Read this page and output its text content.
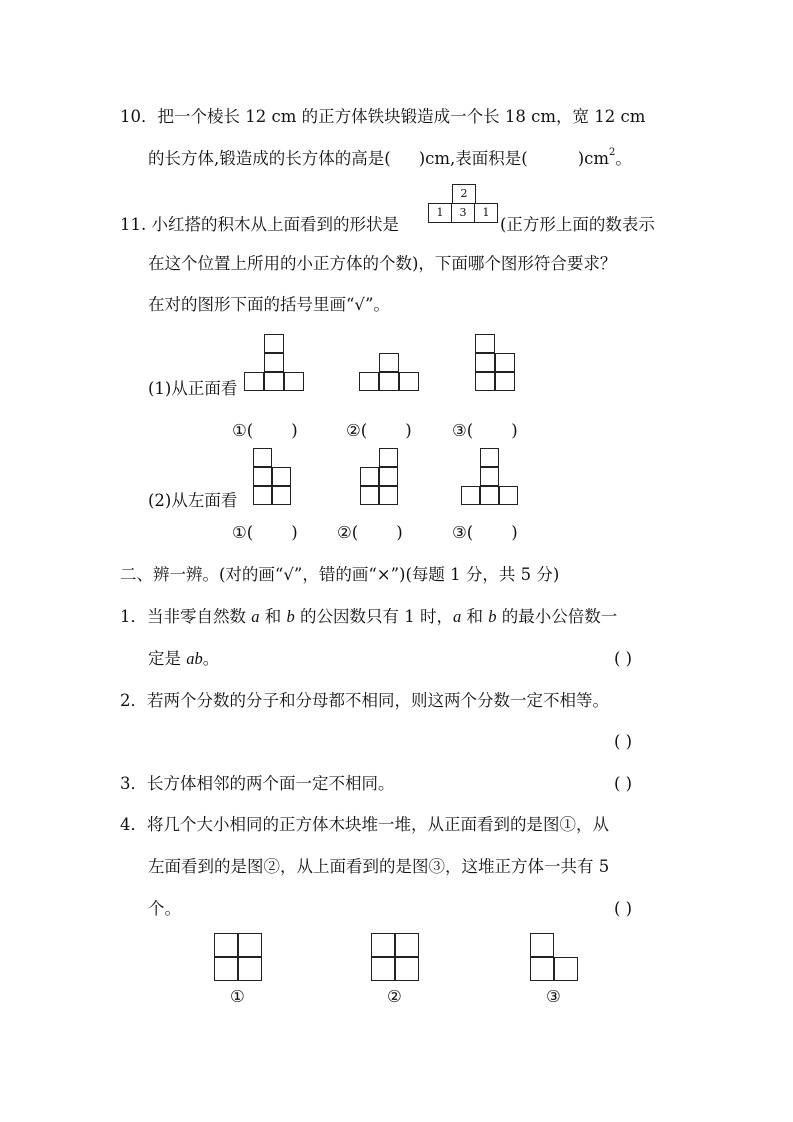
10．把一个棱长 12 cm 的正方体铁块锻造成一个长 18 cm，宽 12 cm
的长方体,锻造成的长方体的高是( )cm,表面积是(	)$cm^2$。
11. 小红搭的积木从上面看到的形状是
2
1	3	1
(正方形上面的数表示
在这个位置上所用的小正方体的个数)，下面哪个图形符合要求？
在对的图形下面的括号里画“√”。
(1)从正面看
①( )	②( ) ③( )
(2)从左面看
①( ) ②( )	③( )
二、辨一辨。(对的画“√”，错的画“×”)(每题 1 分，共 5 分)
1．当非零自然数 a 和 b 的公因数只有 1 时，a 和 b 的最小公倍数一
定是 ab。	( )
2．若两个分数的分子和分母都不相同，则这两个分数一定不相等。
( )
3．长方体相邻的两个面一定不相同。	( )
4．将几个大小相同的正方体木块堆一堆，从正面看到的是图①，从
左面看到的是图②，从上面看到的是图③，这堆正方体一共有 5
个。	( )
①	②	③
